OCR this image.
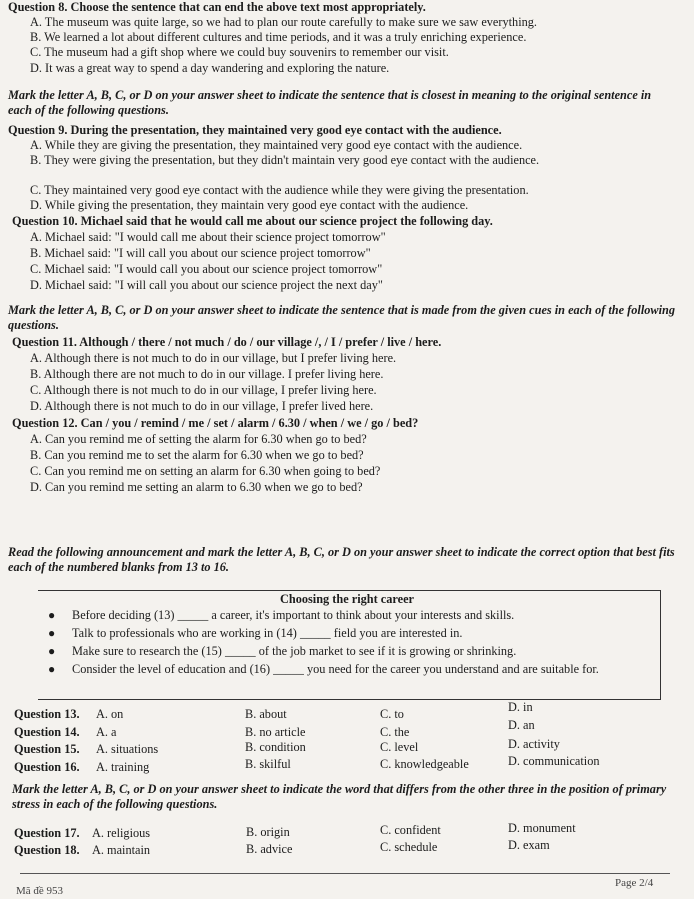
Question 8. Choose the sentence that can end the above text most appropriately.
A. The museum was quite large, so we had to plan our route carefully to make sure we saw everything.
B. We learned a lot about different cultures and time periods, and it was a truly enriching experience.
C. The museum had a gift shop where we could buy souvenirs to remember our visit.
D. It was a great way to spend a day wandering and exploring the nature.
Mark the letter A, B, C, or D on your answer sheet to indicate the sentence that is closest in meaning to the original sentence in each of the following questions.
Question 9. During the presentation, they maintained very good eye contact with the audience.
A. While they are giving the presentation, they maintained very good eye contact with the audience.
B. They were giving the presentation, but they didn't maintain very good eye contact with the audience.
C. They maintained very good eye contact with the audience while they were giving the presentation.
D. While giving the presentation, they maintain very good eye contact with the audience.
Question 10. Michael said that he would call me about our science project the following day.
A. Michael said: "I would call me about their science project tomorrow"
B. Michael said: "I will call you about our science project tomorrow"
C. Michael said: "I would call you about our science project tomorrow"
D. Michael said: "I will call you about our science project the next day"
Mark the letter A, B, C, or D on your answer sheet to indicate the sentence that is made from the given cues in each of the following questions.
Question 11. Although / there / not much / do / our village /, / I / prefer / live / here.
A. Although there is not much to do in our village, but I prefer living here.
B. Although there are not much to do in our village. I prefer living here.
C. Although there is not much to do in our village, I prefer living here.
D. Although there is not much to do in our village, I prefer lived here.
Question 12. Can / you / remind / me / set / alarm / 6.30 / when / we / go / bed?
A. Can you remind me of setting the alarm for 6.30 when go to bed?
B. Can you remind me to set the alarm for 6.30 when we go to bed?
C. Can you remind me on setting an alarm for 6.30 when going to bed?
D. Can you remind me setting an alarm to 6.30 when we go to bed?
Read the following announcement and mark the letter A, B, C, or D on your answer sheet to indicate the correct option that best fits each of the numbered blanks from 13 to 16.
Choosing the right career
● Before deciding (13) _____ a career, it's important to think about your interests and skills.
● Talk to professionals who are working in (14) _____ field you are interested in.
● Make sure to research the (15) _____ of the job market to see if it is growing or shrinking.
● Consider the level of education and (16) _____ you need for the career you understand and are suitable for.
Question 13. A. on	B. about	C. to	D. in
Question 14. A. a	B. no article	C. the	D. an
Question 15. A. situations	B. condition	C. level	D. activity
Question 16. A. training	B. skilful	C. knowledgeable	D. communication
Mark the letter A, B, C, or D on your answer sheet to indicate the word that differs from the other three in the position of primary stress in each of the following questions.
Question 17. A. religious	B. origin	C. confident	D. monument
Question 18. A. maintain	B. advice	C. schedule	D. exam
Mã đề 953
Page 2/4
